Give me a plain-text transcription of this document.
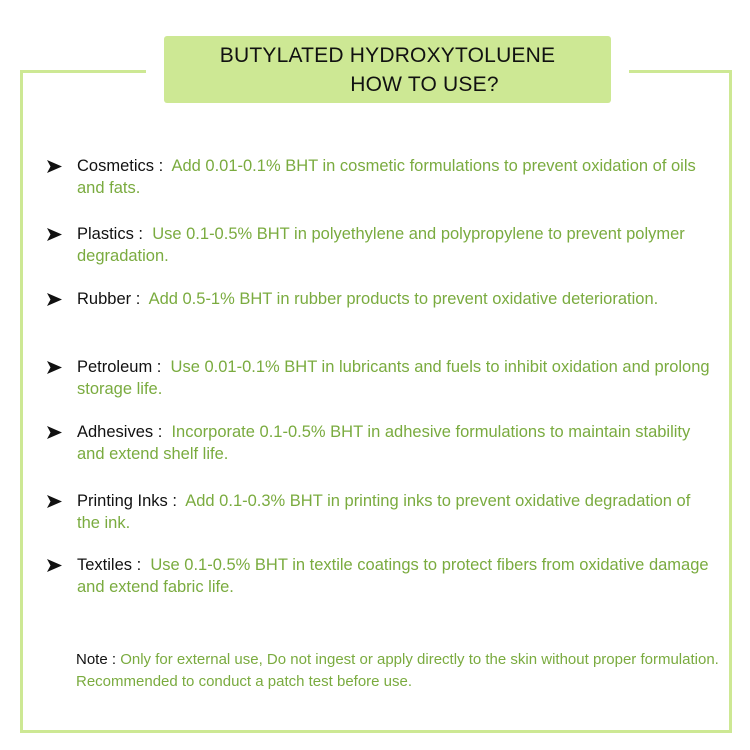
BUTYLATED HYDROXYTOLUENE
HOW TO USE?
Cosmetics : Add 0.01-0.1% BHT in cosmetic formulations to prevent oxidation of oils and fats.
Plastics : Use 0.1-0.5% BHT in polyethylene and polypropylene to prevent polymer degradation.
Rubber : Add 0.5-1% BHT in rubber products to prevent oxidative deterioration.
Petroleum : Use 0.01-0.1% BHT in lubricants and fuels to inhibit oxidation and prolong storage life.
Adhesives : Incorporate 0.1-0.5% BHT in adhesive formulations to maintain stability and extend shelf life.
Printing Inks : Add 0.1-0.3% BHT in printing inks to prevent oxidative degradation of the ink.
Textiles : Use 0.1-0.5% BHT in textile coatings to protect fibers from oxidative damage and extend fabric life.
Note : Only for external use, Do not ingest or apply directly to the skin without proper formulation. Recommended to conduct a patch test before use.
